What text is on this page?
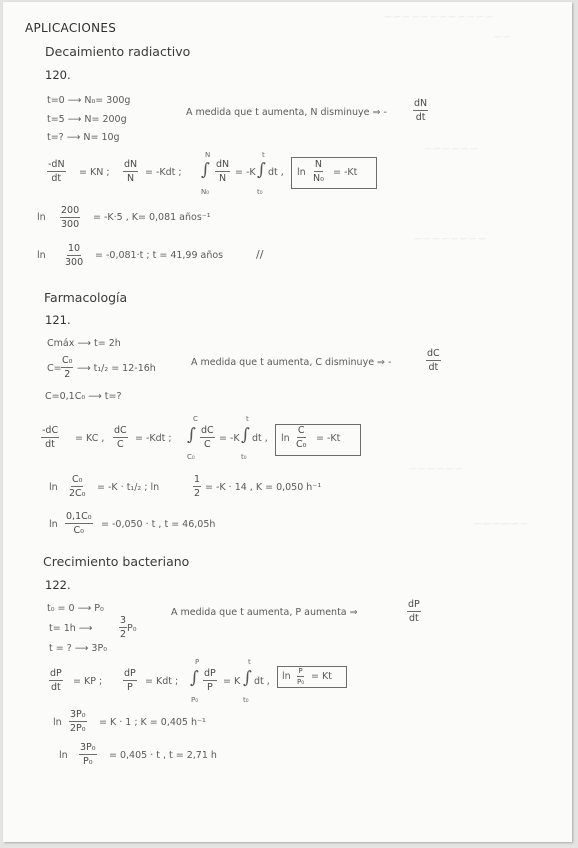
~~~~~~~~~~~~
~~
~~~~~~
~~~~~~~~
~~~~~~
~~~~~~
APLICACIONES
Decaimiento radiactivo
120.
t=0 ⟶ N₀= 300g
t=5 ⟶ N= 200g
t=? ⟶ N= 10g
A medida que t aumenta, N disminuye ⇒ -	$\frac{dN}{dt}$
$\frac{-dN}{dt}$ = KN ; $\frac{dN}{N} = -Kdt$ ;
N
∫
N₀
$\frac{dN}{N} = -K$
t
∫
t₀
dt , $\ln \frac{N}{\text{N₀}} = -Kt$
$\ln \frac{200}{300} = -K\cdot 5$ , K= 0,081 años⁻¹
$\ln \frac{10}{300} = -0,081\cdot t$ ; t = 41,99 años	//
Farmacología
121.
Cmáx ⟶ t= 2h
$C= \frac{\text{C₀}}{2}$ ⟶ t₁/₂ = 12-16h
C=0,1C₀ ⟶ t=?
A medida que t aumenta, C disminuye ⇒ -	$\frac{dC}{dt}$
$\frac{-dC}{dt}$ = KC , $\frac{dC}{C} = -Kdt$ ;
C
∫
C₀
$\frac{dC}{C} = -K$
t
∫
t₀
dt , $\ln \frac{C}{\text{C₀}} = -Kt$
$\ln \frac{\text{C₀}}{\text{2C₀}} = -K \cdot t_1/_2$ ; ln	$\frac{1}{2} = -K \cdot 14$ , K = 0,050 h⁻¹
$\ln \frac{\text{0,1C₀}}{\text{C₀}} = -0,050 \cdot t$ , t = 46,05h
Crecimiento bacteriano
122.
t₀ = 0 ⟶ P₀
t= 1h ⟶	$\frac{3}{2} P_0$
t = ? ⟶ 3P₀
A medida que t aumenta, P aumenta ⇒	$\frac{dP}{dt}$
$\frac{dP}{dt}$ = KP ; $\frac{dP}{P}$ = Kdt ;
P
∫
P₀
$\frac{dP}{P} = K$
t
∫
t₀
dt , $\ln \frac{P}{\text{P₀}} = Kt$
$\ln \frac{\text{3P₀}}{\text{2P₀}} = K \cdot 1$ ; K = 0,405 h⁻¹
$\ln \frac{\text{3P₀}}{\text{P₀}} = 0,405 \cdot t$ , t = 2,71 h
